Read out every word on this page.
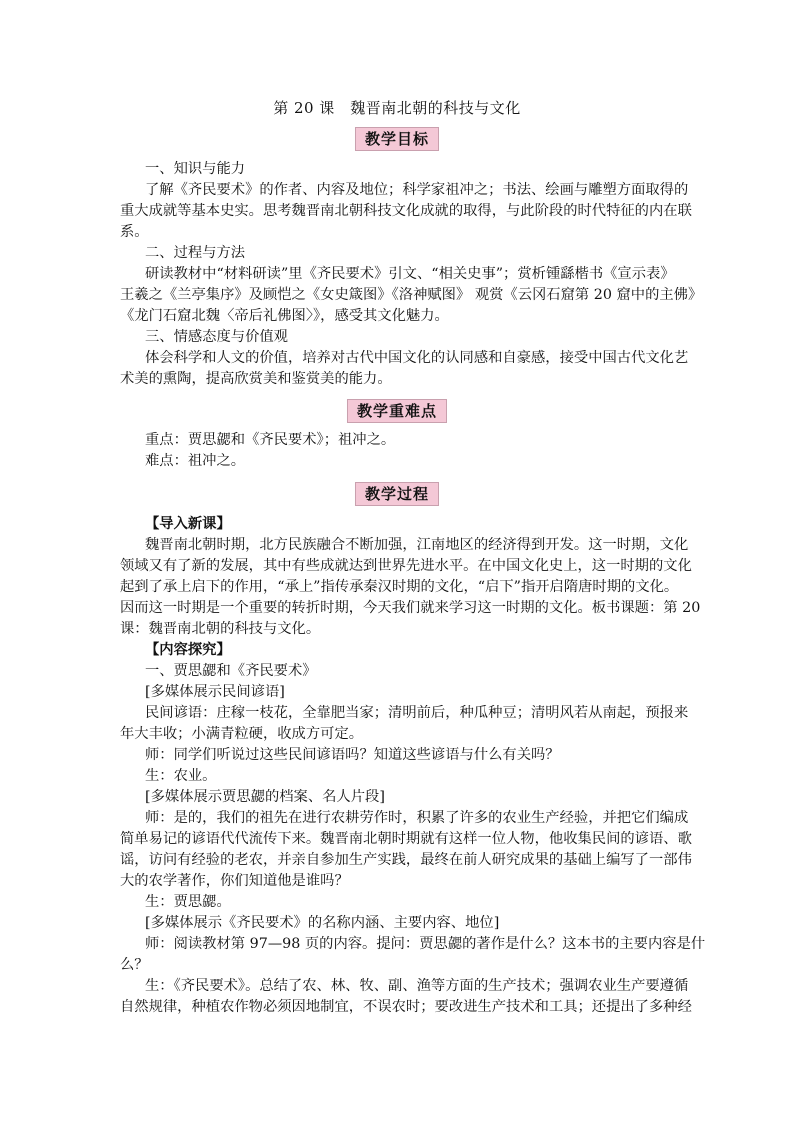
第 20 课　魏晋南北朝的科技与文化
教学目标
一、知识与能力
了解《齐民要术》的作者、内容及地位；科学家祖冲之；书法、绘画与雕塑方面取得的
重大成就等基本史实。思考魏晋南北朝科技文化成就的取得，与此阶段的时代特征的内在联
系。
二、过程与方法
研读教材中“材料研读”里《齐民要术》引文、“相关史事”；赏析锺繇楷书《宣示表》
王羲之《兰亭集序》及顾恺之《女史箴图》《洛神赋图》 观赏《云冈石窟第 20 窟中的主佛》
《龙门石窟北魏〈帝后礼佛图〉》，感受其文化魅力。
三、情感态度与价值观
体会科学和人文的价值，培养对古代中国文化的认同感和自豪感，接受中国古代文化艺
术美的熏陶，提高欣赏美和鉴赏美的能力。
教学重难点
重点：贾思勰和《齐民要术》；祖冲之。
难点：祖冲之。
教学过程
【导入新课】
魏晋南北朝时期，北方民族融合不断加强，江南地区的经济得到开发。这一时期，文化
领域又有了新的发展，其中有些成就达到世界先进水平。在中国文化史上，这一时期的文化
起到了承上启下的作用，“承上”指传承秦汉时期的文化，“启下”指开启隋唐时期的文化。
因而这一时期是一个重要的转折时期，今天我们就来学习这一时期的文化。板书课题：第 20
课：魏晋南北朝的科技与文化。
【内容探究】
一、贾思勰和《齐民要术》
[多媒体展示民间谚语]
民间谚语：庄稼一枝花，全靠肥当家；清明前后，种瓜种豆；清明风若从南起，预报来
年大丰收；小满青粒硬，收成方可定。
师：同学们听说过这些民间谚语吗？知道这些谚语与什么有关吗？
生：农业。
[多媒体展示贾思勰的档案、名人片段]
师：是的，我们的祖先在进行农耕劳作时，积累了许多的农业生产经验，并把它们编成
简单易记的谚语代代流传下来。魏晋南北朝时期就有这样一位人物，他收集民间的谚语、歌
谣，访问有经验的老农，并亲自参加生产实践，最终在前人研究成果的基础上编写了一部伟
大的农学著作，你们知道他是谁吗？
生：贾思勰。
[多媒体展示《齐民要术》的名称内涵、主要内容、地位]
师：阅读教材第 97—98 页的内容。提问：贾思勰的著作是什么？这本书的主要内容是什
么？
生：《齐民要术》。总结了农、林、牧、副、渔等方面的生产技术；强调农业生产要遵循
自然规律，种植农作物必须因地制宜，不误农时；要改进生产技术和工具；还提出了多种经
